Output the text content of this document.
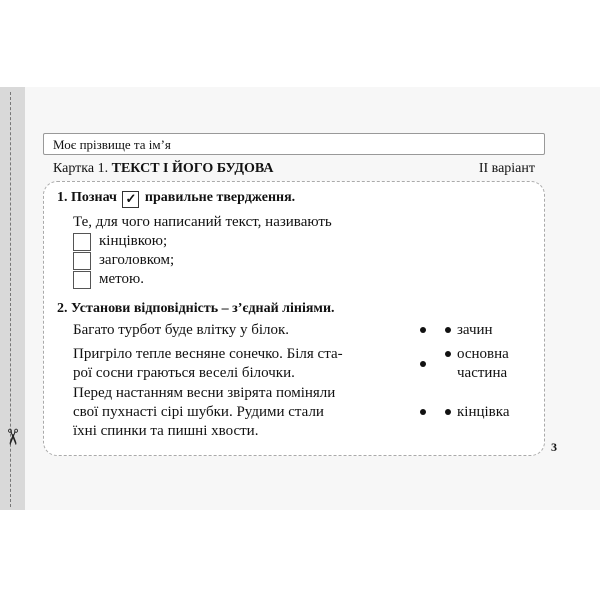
✂
Моє прізвище та ім’я
Картка 1. ТЕКСТ І ЙОГО БУДОВА	II варіант
1. Познач ✓ правильне твердження.
Те, для чого написаний текст, називають
кінцівкою;
заголовком;
метою.
2. Установи відповідність – з’єднай лініями.
Багато турбот буде влітку у білок.
Пригріло тепле весняне сонечко. Біля ста-
рої сосни граються веселі білочки.
Перед настанням весни звірята поміняли
свої пухнасті сірі шубки. Рудими стали
їхні спинки та пишні хвости.
зачин
основна
частина
кінцівка
3
